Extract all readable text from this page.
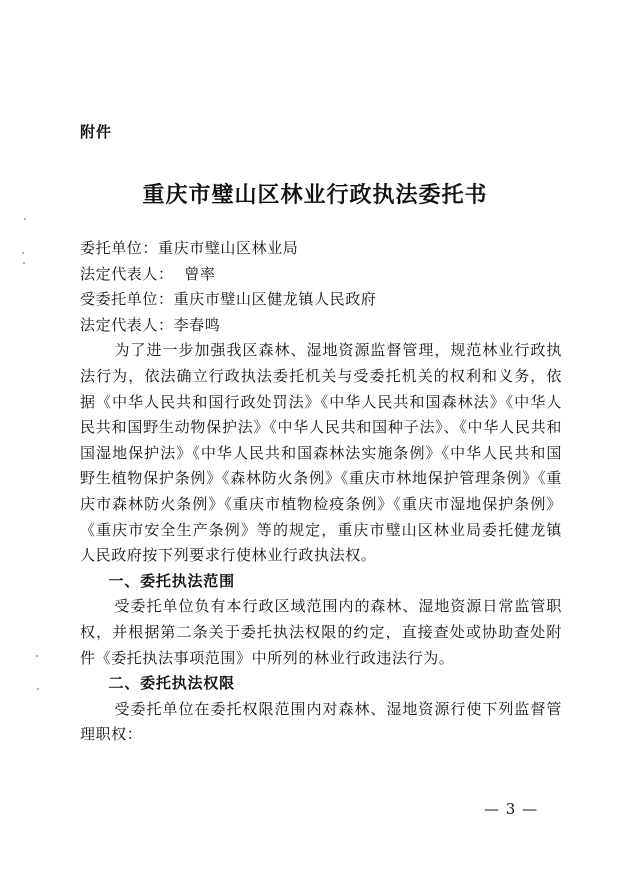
附件
重庆市璧山区林业行政执法委托书

委托单位：重庆市璧山区林业局

法定代表人：  曾率

受委托单位：重庆市璧山区健龙镇人民政府

法定代表人：李春鸣

为了进一步加强我区森林、湿地资源监督管理，规范林业行政执法行为，依法确立行政执法委托机关与受委托机关的权利和义务，依据《中华人民共和国行政处罚法》《中华人民共和国森林法》《中华人民共和国野生动物保护法》《中华人民共和国种子法》、《中华人民共和国湿地保护法》《中华人民共和国森林法实施条例》《中华人民共和国野生植物保护条例》《森林防火条例》《重庆市林地保护管理条例》《重庆市森林防火条例》《重庆市植物检疫条例》《重庆市湿地保护条例》《重庆市安全生产条例》等的规定，重庆市璧山区林业局委托健龙镇人民政府按下列要求行使林业行政执法权。

一、委托执法范围

受委托单位负有本行政区域范围内的森林、湿地资源日常监管职权，并根据第二条关于委托执法权限的约定，直接查处或协助查处附件《委托执法事项范围》中所列的林业行政违法行为。

二、委托执法权限

受委托单位在委托权限范围内对森林、湿地资源行使下列监督管理职权：

— 3 —
